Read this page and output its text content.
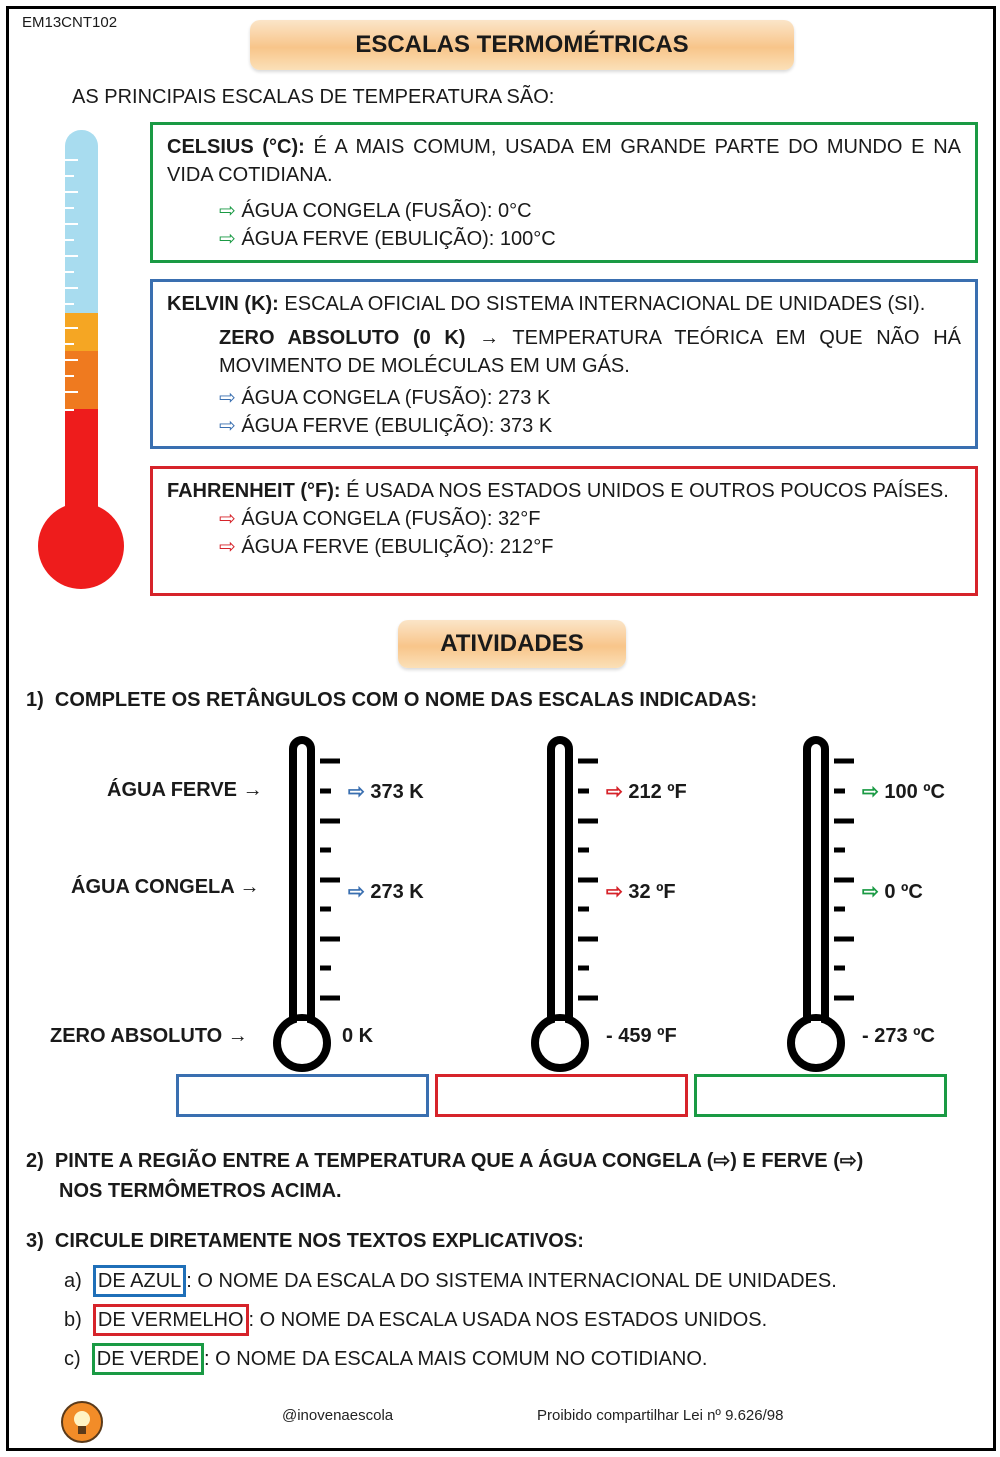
EM13CNT102
ESCALAS TERMOMÉTRICAS
AS PRINCIPAIS ESCALAS DE TEMPERATURA SÃO:
CELSIUS (°C): É A MAIS COMUM, USADA EM GRANDE PARTE DO MUNDO E NA VIDA COTIDIANA.
⇨ ÁGUA CONGELA (FUSÃO): 0°C
⇨ ÁGUA FERVE (EBULIÇÃO): 100°C
KELVIN (K): ESCALA OFICIAL DO SISTEMA INTERNACIONAL DE UNIDADES (SI).
ZERO ABSOLUTO (0 K) → TEMPERATURA TEÓRICA EM QUE NÃO HÁ MOVIMENTO DE MOLÉCULAS EM UM GÁS.
⇨ ÁGUA CONGELA (FUSÃO): 273 K
⇨ ÁGUA FERVE (EBULIÇÃO): 373 K
FAHRENHEIT (°F): É USADA NOS ESTADOS UNIDOS E OUTROS POUCOS PAÍSES.
⇨ ÁGUA CONGELA (FUSÃO): 32°F
⇨ ÁGUA FERVE (EBULIÇÃO): 212°F
ATIVIDADES
1) COMPLETE OS RETÂNGULOS COM O NOME DAS ESCALAS INDICADAS:
ÁGUA FERVE →
ÁGUA CONGELA →
ZERO ABSOLUTO →
⇨ 373 K
⇨ 273 K
0 K
⇨ 212 ºF
⇨ 32 ºF
- 459 ºF
⇨ 100 ºC
⇨ 0 ºC
- 273 ºC
2) PINTE A REGIÃO ENTRE A TEMPERATURA QUE A ÁGUA CONGELA (⇨) E FERVE (⇨)
NOS TERMÔMETROS ACIMA.
3) CIRCULE DIRETAMENTE NOS TEXTOS EXPLICATIVOS:
a) DE AZUL : O NOME DA ESCALA DO SISTEMA INTERNACIONAL DE UNIDADES.
b) DE VERMELHO : O NOME DA ESCALA USADA NOS ESTADOS UNIDOS.
c) DE VERDE : O NOME DA ESCALA MAIS COMUM NO COTIDIANO.
@inovenaescola	Proibido compartilhar Lei nº 9.626/98
